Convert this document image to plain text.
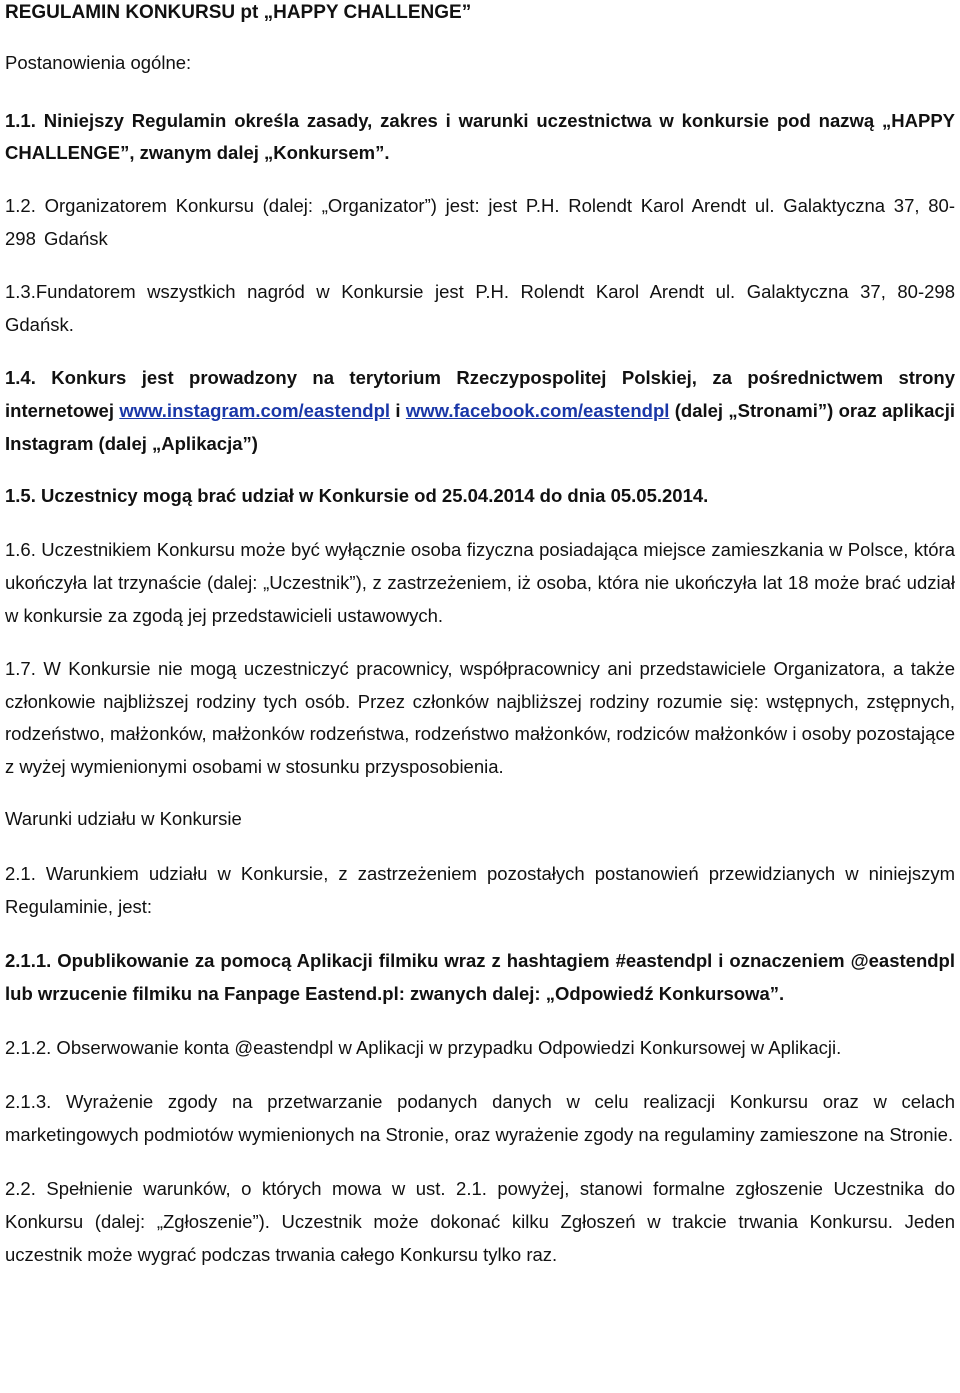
REGULAMIN KONKURSU pt „HAPPY CHALLENGE”

Postanowienia ogólne:

1.1. Niniejszy Regulamin określa zasady, zakres i warunki uczestnictwa w konkursie pod nazwą „HAPPY CHALLENGE”, zwanym dalej „Konkursem”.

1.2. Organizatorem Konkursu (dalej: „Organizator”) jest: jest P.H. Rolendt Karol Arendt ul. Galaktyczna 37, 80-298 Gdańsk

1.3.Fundatorem wszystkich nagród w Konkursie jest P.H. Rolendt Karol Arendt ul. Galaktyczna 37, 80-298 Gdańsk.

1.4. Konkurs jest prowadzony na terytorium Rzeczypospolitej Polskiej, za pośrednictwem strony internetowej www.instagram.com/eastendpl i www.facebook.com/eastendpl (dalej „Stronami”) oraz aplikacji Instagram (dalej „Aplikacja”)

1.5. Uczestnicy mogą brać udział w Konkursie od 25.04.2014 do dnia 05.05.2014.

1.6. Uczestnikiem Konkursu może być wyłącznie osoba fizyczna posiadająca miejsce zamieszkania w Polsce, która ukończyła lat trzynaście (dalej: „Uczestnik”), z zastrzeżeniem, iż osoba, która nie ukończyła lat 18 może brać udział w konkursie za zgodą jej przedstawicieli ustawowych.

1.7. W Konkursie nie mogą uczestniczyć pracownicy, współpracownicy ani przedstawiciele Organizatora, a także członkowie najbliższej rodziny tych osób. Przez członków najbliższej rodziny rozumie się: wstępnych, zstępnych, rodzeństwo, małżonków, małżonków rodzeństwa, rodzeństwo małżonków, rodziców małżonków i osoby pozostające z wyżej wymienionymi osobami w stosunku przysposobienia.

Warunki udziału w Konkursie

2.1. Warunkiem udziału w Konkursie, z zastrzeżeniem pozostałych postanowień przewidzianych w niniejszym Regulaminie, jest:

2.1.1. Opublikowanie za pomocą Aplikacji filmiku wraz z hashtagiem #eastendpl i oznaczeniem @eastendpl lub wrzucenie filmiku na Fanpage Eastend.pl: zwanych dalej: „Odpowiedź Konkursowa”.

2.1.2. Obserwowanie konta @eastendpl w Aplikacji w przypadku Odpowiedzi Konkursowej w Aplikacji.

2.1.3. Wyrażenie zgody na przetwarzanie podanych danych w celu realizacji Konkursu oraz w celach marketingowych podmiotów wymienionych na Stronie, oraz wyrażenie zgody na regulaminy zamieszone na Stronie.

2.2. Spełnienie warunków, o których mowa w ust. 2.1. powyżej, stanowi formalne zgłoszenie Uczestnika do Konkursu (dalej: „Zgłoszenie”). Uczestnik może dokonać kilku Zgłoszeń w trakcie trwania Konkursu. Jeden uczestnik może wygrać podczas trwania całego Konkursu tylko raz.
